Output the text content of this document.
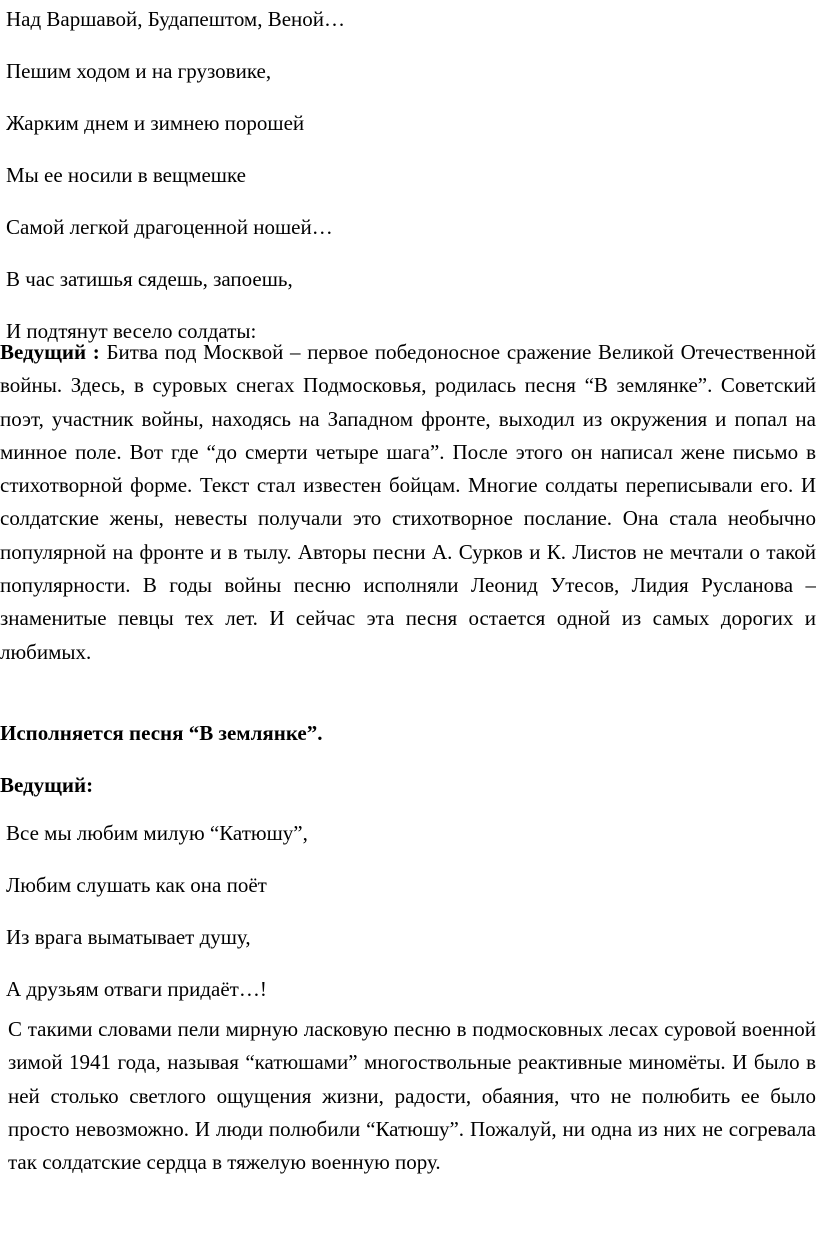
Над Варшавой, Будапештом, Веной…

Пешим ходом и на грузовике,

Жарким днем и зимнею порошей

Мы ее носили в вещмешке

Самой легкой драгоценной ношей…

В час затишья сядешь, запоешь,

И подтянут весело солдаты:

Ведущий : Битва под Москвой – первое победоносное сражение Великой Отечественной войны. Здесь, в суровых снегах Подмосковья, родилась песня “В землянке”. Советский поэт, участник войны, находясь на Западном фронте, выходил из окружения и попал на минное поле. Вот где “до смерти четыре шага”. После этого он написал жене письмо в стихотворной форме. Текст стал известен бойцам. Многие солдаты переписывали его. И солдатские жены, невесты получали это стихотворное послание. Она стала необычно популярной на фронте и в тылу. Авторы песни А. Сурков и К. Листов не мечтали о такой популярности. В годы войны песню исполняли Леонид Утесов, Лидия Русланова – знаменитые певцы тех лет. И сейчас эта песня остается одной из самых дорогих и любимых.

Исполняется песня “В землянке”.

Ведущий:

Все мы любим милую “Катюшу”,

Любим слушать как она поёт

Из врага выматывает душу,

А друзьям отваги придаёт…!

С такими словами пели мирную ласковую песню в подмосковных лесах суровой военной зимой 1941 года, называя “катюшами” многоствольные реактивные миномёты. И было в ней столько светлого ощущения жизни, радости, обаяния, что не полюбить ее было просто невозможно. И люди полюбили “Катюшу”. Пожалуй, ни одна из них не согревала так солдатские сердца в тяжелую военную пору.
